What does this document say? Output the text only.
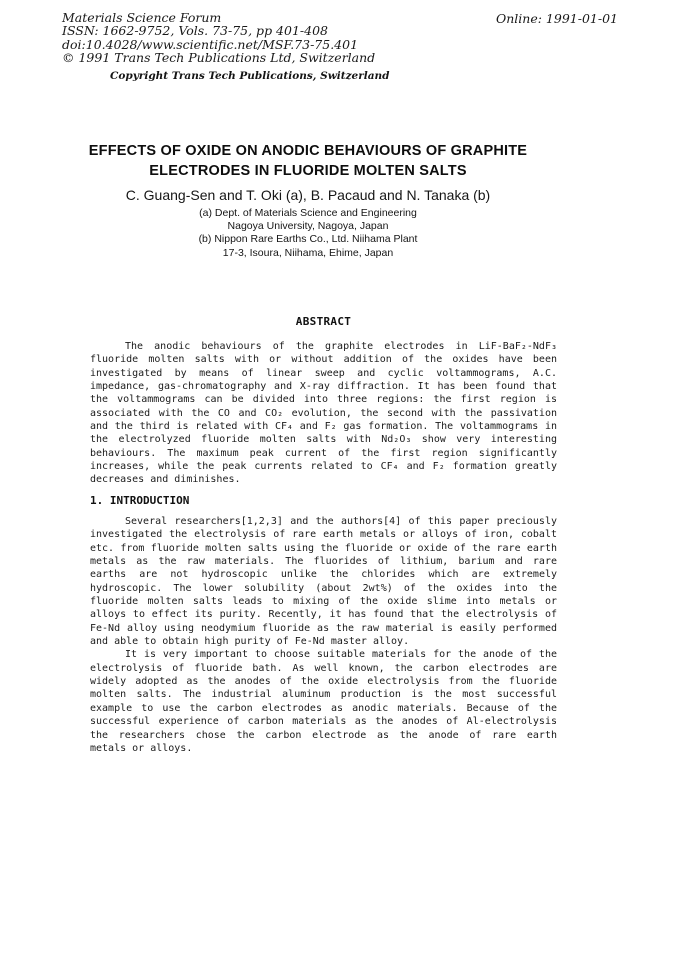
Materials Science Forum
ISSN: 1662-9752, Vols. 73-75, pp 401-408
doi:10.4028/www.scientific.net/MSF.73-75.401
© 1991 Trans Tech Publications Ltd, Switzerland
Online: 1991-01-01
Copyright Trans Tech Publications, Switzerland
EFFECTS OF OXIDE ON ANODIC BEHAVIOURS OF GRAPHITE
ELECTRODES IN FLUORIDE MOLTEN SALTS
C. Guang-Sen and T. Oki (a), B. Pacaud and N. Tanaka (b)
(a) Dept. of Materials Science and Engineering
Nagoya University, Nagoya, Japan
(b) Nippon Rare Earths Co., Ltd. Niihama Plant
17-3, Isoura, Niihama, Ehime, Japan
ABSTRACT
The anodic behaviours of the graphite electrodes in LiF-BaF₂-NdF₃
fluoride molten salts with or without addition of the oxides have been
investigated by means of linear sweep and cyclic voltammograms, A.C.
impedance, gas-chromatography and X-ray diffraction. It has been found that
the voltammograms can be divided into three regions: the first region is
associated with the CO and CO₂ evolution, the second with the passivation
and the third is related with CF₄ and F₂ gas formation. The voltammograms in
the electrolyzed fluoride molten salts with Nd₂O₃ show very interesting
behaviours. The maximum peak current of the first region significantly
increases, while the peak currents related to CF₄ and F₂ formation greatly
decreases and diminishes.
1. INTRODUCTION
Several researchers[1,2,3] and the authors[4] of this paper preciously
investigated the electrolysis of rare earth metals or alloys of iron, cobalt
etc. from fluoride molten salts using the fluoride or oxide of the rare earth
metals as the raw materials. The fluorides of lithium, barium and rare
earths are not hydroscopic unlike the chlorides which are extremely
hydroscopic. The lower solubility (about 2wt%) of the oxides into the
fluoride molten salts leads to mixing of the oxide slime into metals or
alloys to effect its purity. Recently, it has found that the electrolysis of
Fe-Nd alloy using neodymium fluoride as the raw material is easily performed
and able to obtain high purity of Fe-Nd master alloy.
It is very important to choose suitable materials for the anode of the
electrolysis of fluoride bath. As well known, the carbon electrodes are
widely adopted as the anodes of the oxide electrolysis from the fluoride
molten salts. The industrial aluminum production is the most successful
example to use the carbon electrodes as anodic materials. Because of the
successful experience of carbon materials as the anodes of Al-electrolysis
the researchers chose the carbon electrode as the anode of rare earth
metals or alloys.
